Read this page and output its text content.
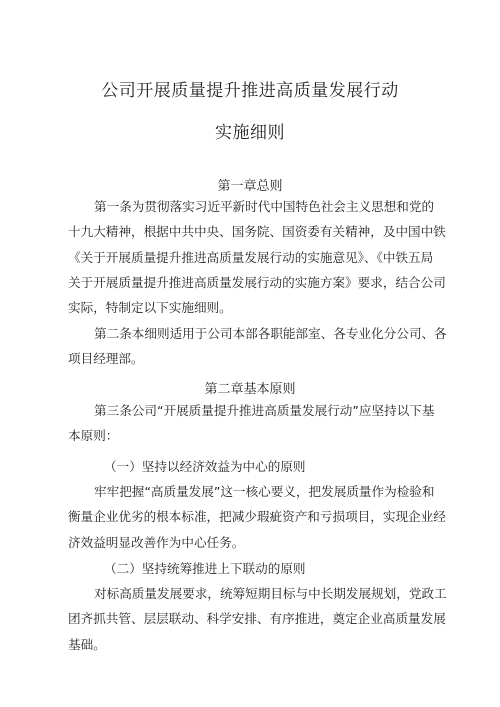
公司开展质量提升推进高质量发展行动
实施细则
第一章总则
第一条为贯彻落实习近平新时代中国特色社会主义思想和党的
十九大精神，根据中共中央、国务院、国资委有关精神，及中国中铁
《关于开展质量提升推进高质量发展行动的实施意见》、《中铁五局
关于开展质量提升推进高质量发展行动的实施方案》要求，结合公司
实际，特制定以下实施细则。
第二条本细则适用于公司本部各职能部室、各专业化分公司、各
项目经理部。
第二章基本原则
第三条公司“开展质量提升推进高质量发展行动”应坚持以下基
本原则：
（一）坚持以经济效益为中心的原则
牢牢把握“高质量发展”这一核心要义，把发展质量作为检验和
衡量企业优劣的根本标准，把减少瑕疵资产和亏损项目，实现企业经
济效益明显改善作为中心任务。
（二）坚持统筹推进上下联动的原则
对标高质量发展要求，统筹短期目标与中长期发展规划，党政工
团齐抓共管、层层联动、科学安排、有序推进，奠定企业高质量发展
基础。
